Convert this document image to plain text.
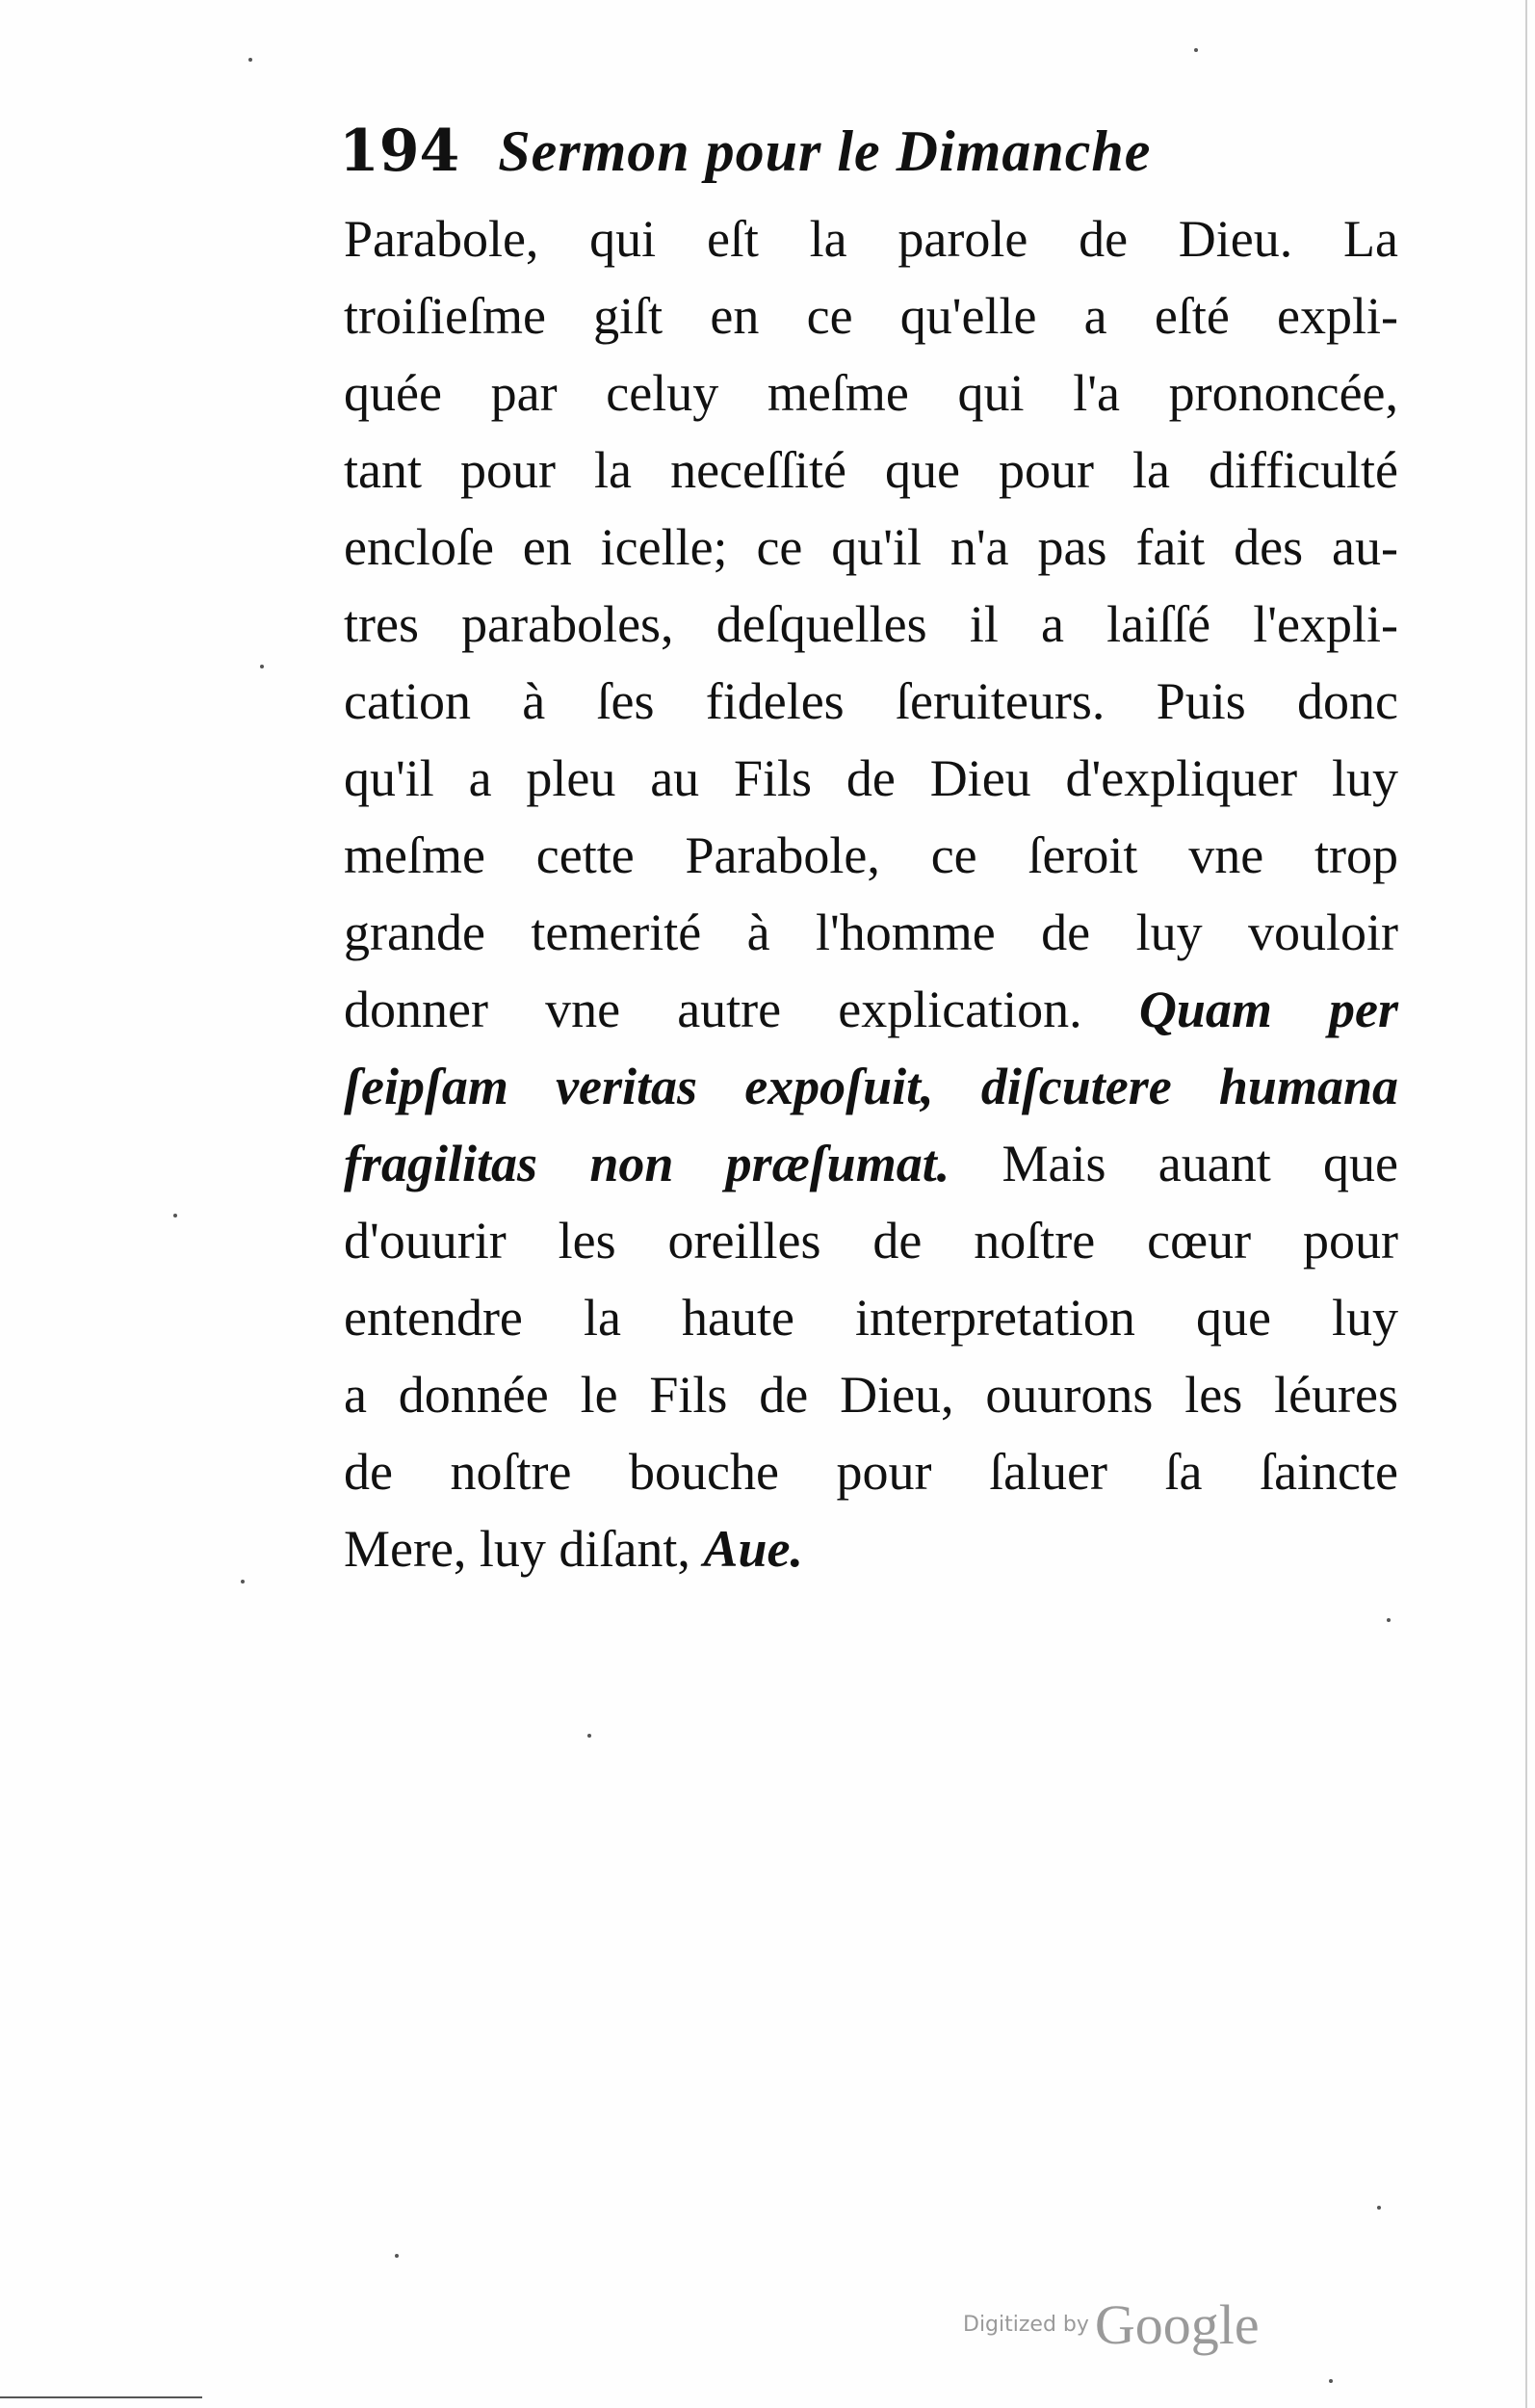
194 Sermon pour le Dimanche
Parabole, qui eſt la parole de Dieu. La
troiſieſme giſt en ce qu'elle a eſté expli-
quée par celuy meſme qui l'a prononcée,
tant pour la neceſſité que pour la difficulté
encloſe en icelle; ce qu'il n'a pas fait des au-
tres paraboles, deſquelles il a laiſſé l'expli-
cation à ſes fideles ſeruiteurs. Puis donc
qu'il a pleu au Fils de Dieu d'expliquer luy
meſme cette Parabole, ce ſeroit vne trop
grande temerité à l'homme de luy vouloir
donner vne autre explication. Quam per
ſeipſam veritas expoſuit, diſcutere humana
fragilitas non præſumat. Mais auant que
d'ouurir les oreilles de noſtre cœur pour
entendre la haute interpretation que luy
a donnée le Fils de Dieu, ouurons les léures
de noſtre bouche pour ſaluer ſa ſaincte
Mere, luy diſant, Aue.
Digitized by Google
